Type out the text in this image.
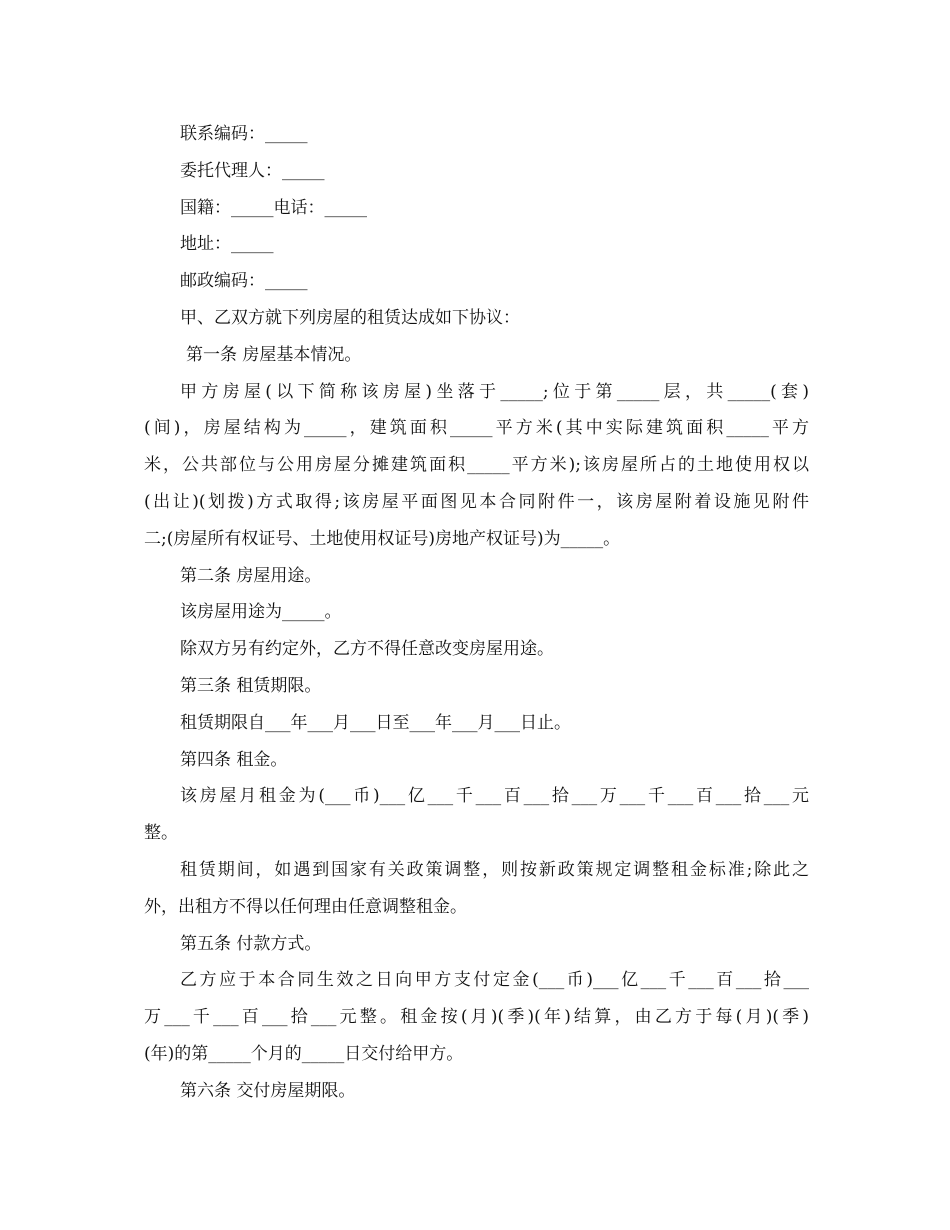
联系编码：_____
委托代理人：_____
国籍：_____电话：_____
地址：_____
邮政编码：_____
甲、乙双方就下列房屋的租赁达成如下协议：
第一条 房屋基本情况。
甲方房屋(以下简称该房屋)坐落于_____;位于第_____层，共_____(套)
(间)，房屋结构为_____，建筑面积_____平方米(其中实际建筑面积_____平方
米，公共部位与公用房屋分摊建筑面积_____平方米);该房屋所占的土地使用权以
(出让)(划拨)方式取得;该房屋平面图见本合同附件一，该房屋附着设施见附件
二;(房屋所有权证号、土地使用权证号)房地产权证号)为_____。
第二条 房屋用途。
该房屋用途为_____。
除双方另有约定外，乙方不得任意改变房屋用途。
第三条 租赁期限。
租赁期限自___年___月___日至___年___月___日止。
第四条 租金。
该房屋月租金为(___币)___亿___千___百___拾___万___千___百___拾___元
整。
租赁期间，如遇到国家有关政策调整，则按新政策规定调整租金标准;除此之
外，出租方不得以任何理由任意调整租金。
第五条 付款方式。
乙方应于本合同生效之日向甲方支付定金(___币)___亿___千___百___拾___
万___千___百___拾___元整。租金按(月)(季)(年)结算，由乙方于每(月)(季)
(年)的第_____个月的_____日交付给甲方。
第六条 交付房屋期限。
